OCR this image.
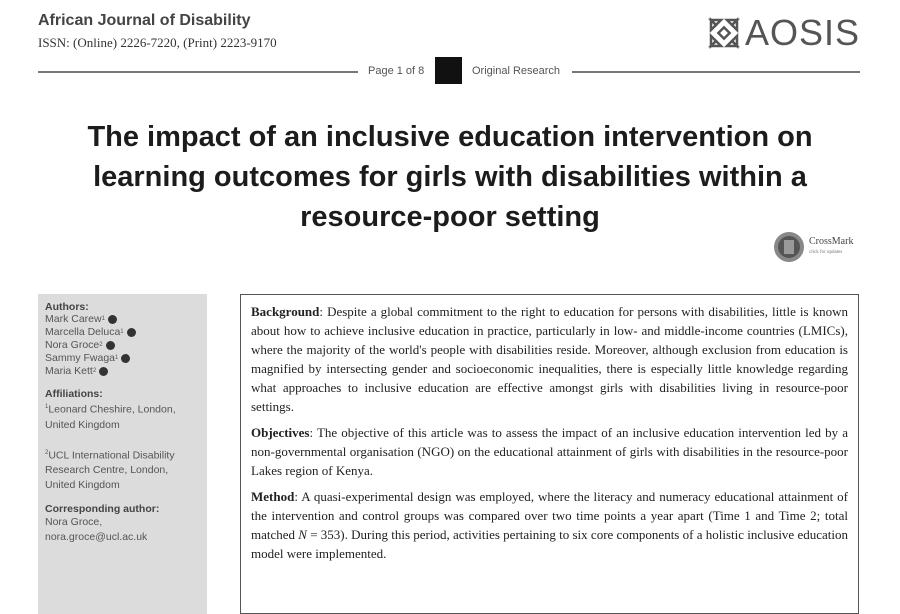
African Journal of Disability
ISSN: (Online) 2226-7220, (Print) 2223-9170	AOSIS
Page 1 of 8	Original Research
The impact of an inclusive education intervention on learning outcomes for girls with disabilities within a resource-poor setting
CrossMark
click for updates
Authors:
Mark Carew 1
Marcella Deluca 1
Nora Groce 2
Sammy Fwaga 1
Maria Kett 2
Affiliations:
$^1$Leonard Cheshire, London, United Kingdom
$^2$UCL International Disability Research Centre, London, United Kingdom
Corresponding author:
Nora Groce,
nora.groce@ucl.ac.uk

Background: Despite a global commitment to the right to education for persons with disabilities, little is known about how to achieve inclusive education in practice, particularly in low- and middle-income countries (LMICs), where the majority of the world's people with disabilities reside. Moreover, although exclusion from education is magnified by intersecting gender and socioeconomic inequalities, there is especially little knowledge regarding what approaches to inclusive education are effective amongst girls with disabilities living in resource-poor settings.

Objectives: The objective of this article was to assess the impact of an inclusive education intervention led by a non-governmental organisation (NGO) on the educational attainment of girls with disabilities in the resource-poor Lakes region of Kenya.

Method: A quasi-experimental design was employed, where the literacy and numeracy educational attainment of the intervention and control groups was compared over two time points a year apart (Time 1 and Time 2; total matched N = 353). During this period, activities pertaining to six core components of a holistic inclusive education model were implemented.
